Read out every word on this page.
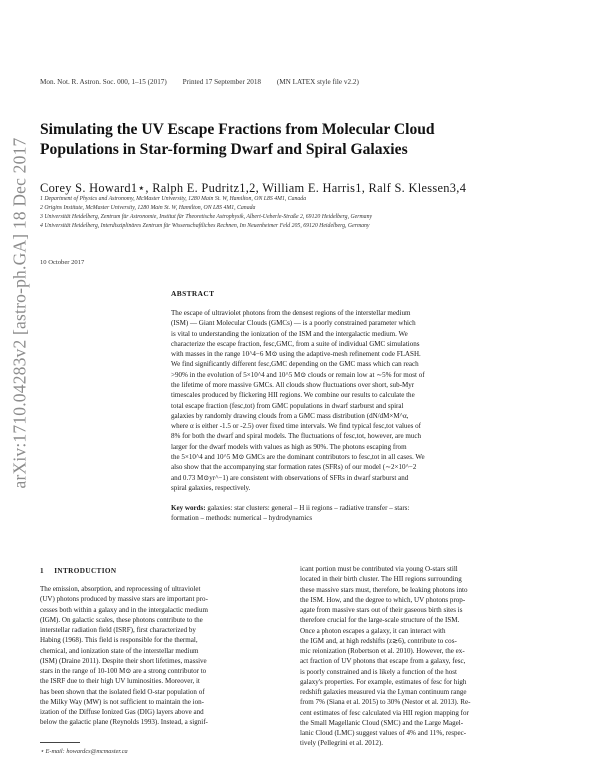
arXiv:1710.04283v2 [astro-ph.GA] 18 Dec 2017
Mon. Not. R. Astron. Soc. 000, 1–15 (2017) Printed 17 September 2018 (MN LATEX style file v2.2)
Simulating the UV Escape Fractions from Molecular Cloud
Populations in Star-forming Dwarf and Spiral Galaxies
Corey S. Howard1⋆, Ralph E. Pudritz1,2, William E. Harris1, Ralf S. Klessen3,4
1 Department of Physics and Astronomy, McMaster University, 1280 Main St. W, Hamilton, ON L8S 4M1, Canada
2 Origins Institute, McMaster University, 1280 Main St. W, Hamilton, ON L8S 4M1, Canada
3 Universität Heidelberg, Zentrum für Astronomie, Institut für Theoretische Astrophysik, Albert-Ueberle-Straße 2, 69120 Heidelberg, Germany
4 Universität Heidelberg, Interdisziplinäres Zentrum für Wissenschaftliches Rechnen, Im Neuenheimer Feld 205, 69120 Heidelberg, Germany
10 October 2017
ABSTRACT
The escape of ultraviolet photons from the densest regions of the interstellar medium
(ISM) — Giant Molecular Clouds (GMCs) — is a poorly constrained parameter which
is vital to understanding the ionization of the ISM and the intergalactic medium. We
characterize the escape fraction, fesc,GMC, from a suite of individual GMC simulations
with masses in the range 10^4−6 M⊙ using the adaptive-mesh refinement code FLASH.
We find significantly different fesc,GMC depending on the GMC mass which can reach
>90% in the evolution of 5×10^4 and 10^5 M⊙ clouds or remain low at ∼5% for most of
the lifetime of more massive GMCs. All clouds show fluctuations over short, sub-Myr
timescales produced by flickering HII regions. We combine our results to calculate the
total escape fraction (fesc,tot) from GMC populations in dwarf starburst and spiral
galaxies by randomly drawing clouds from a GMC mass distribution (dN/dM×M^α,
where α is either -1.5 or -2.5) over fixed time intervals. We find typical fesc,tot values of
8% for both the dwarf and spiral models. The fluctuations of fesc,tot, however, are much
larger for the dwarf models with values as high as 90%. The photons escaping from
the 5×10^4 and 10^5 M⊙ GMCs are the dominant contributors to fesc,tot in all cases. We
also show that the accompanying star formation rates (SFRs) of our model (∼2×10^−2
and 0.73 M⊙yr^−1) are consistent with observations of SFRs in dwarf starburst and
spiral galaxies, respectively.
Key words: galaxies: star clusters: general – H ii regions – radiative transfer – stars:
formation – methods: numerical – hydrodynamics
1 INTRODUCTION
The emission, absorption, and reprocessing of ultraviolet
(UV) photons produced by massive stars are important pro-
cesses both within a galaxy and in the intergalactic medium
(IGM). On galactic scales, these photons contribute to the
interstellar radiation field (ISRF), first characterized by
Habing (1968). This field is responsible for the thermal,
chemical, and ionization state of the interstellar medium
(ISM) (Draine 2011). Despite their short lifetimes, massive
stars in the range of 10-100 M⊙ are a strong contributor to
the ISRF due to their high UV luminosities. Moreover, it
has been shown that the isolated field O-star population of
the Milky Way (MW) is not sufficient to maintain the ion-
ization of the Diffuse Ionized Gas (DIG) layers above and
below the galactic plane (Reynolds 1993). Instead, a signif-
icant portion must be contributed via young O-stars still
located in their birth cluster. The HII regions surrounding
these massive stars must, therefore, be leaking photons into
the ISM. How, and the degree to which, UV photons prop-
agate from massive stars out of their gaseous birth sites is
therefore crucial for the large-scale structure of the ISM.
Once a photon escapes a galaxy, it can interact with
the IGM and, at high redshifts (z≳6), contribute to cos-
mic reionization (Robertson et al. 2010). However, the ex-
act fraction of UV photons that escape from a galaxy, fesc,
is poorly constrained and is likely a function of the host
galaxy's properties. For example, estimates of fesc for high
redshift galaxies measured via the Lyman continuum range
from 7% (Siana et al. 2015) to 30% (Nestor et al. 2013). Re-
cent estimates of fesc calculated via HII region mapping for
the Small Magellanic Cloud (SMC) and the Large Magel-
lanic Cloud (LMC) suggest values of 4% and 11%, respec-
tively (Pellegrini et al. 2012).
⋆ E-mail: howardcs@mcmaster.ca
